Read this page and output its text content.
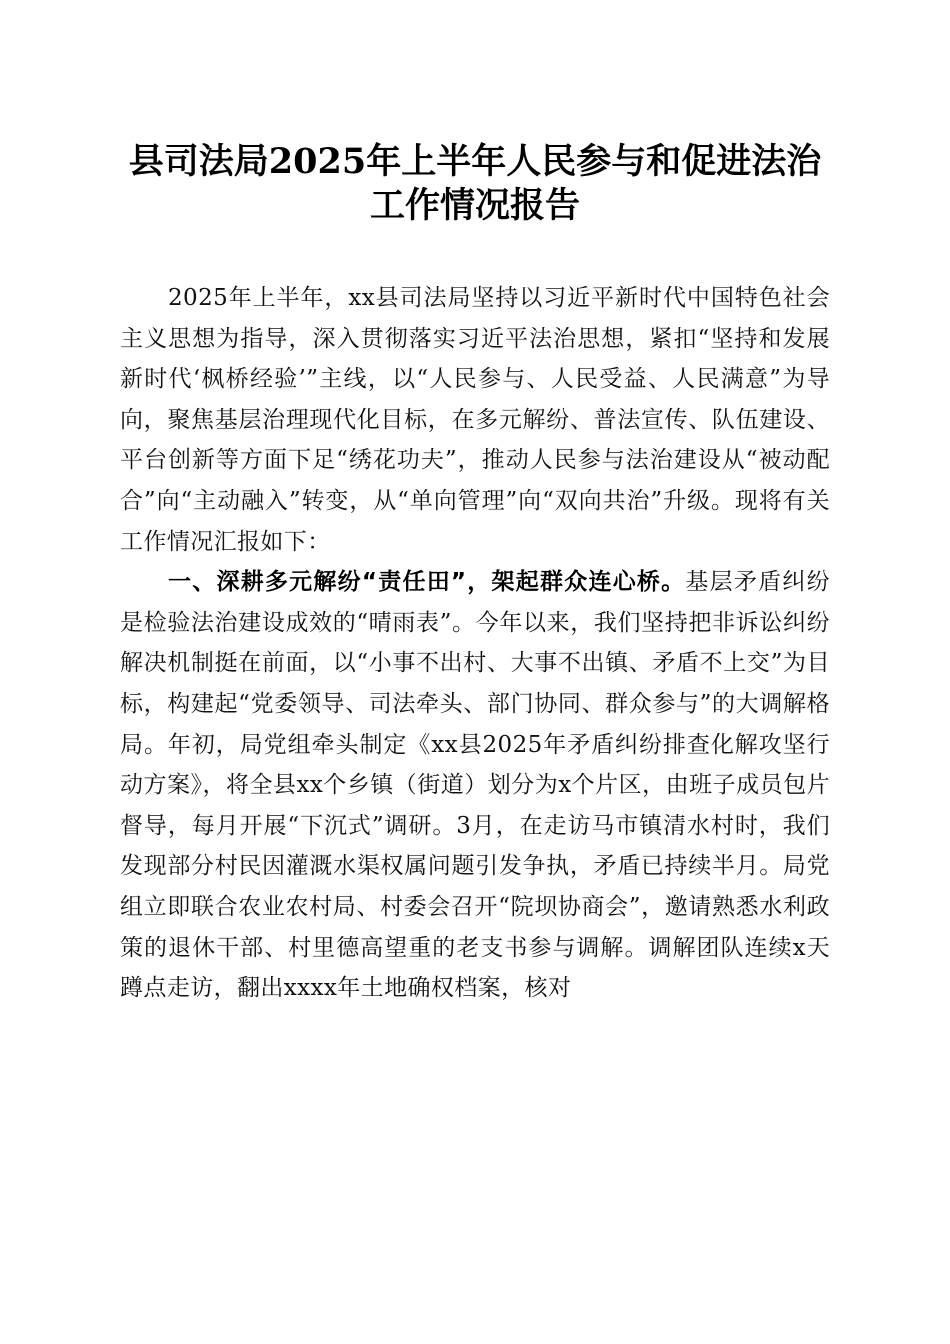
县司法局2025年上半年人民参与和促进法治
工作情况报告

2025年上半年，xx县司法局坚持以习近平新时代中国特色社会主义思想为指导，深入贯彻落实习近平法治思想，紧扣“坚持和发展新时代‘枫桥经验’”主线，以“人民参与、人民受益、人民满意”为导向，聚焦基层治理现代化目标，在多元解纷、普法宣传、队伍建设、平台创新等方面下足“绣花功夫”，推动人民参与法治建设从“被动配合”向“主动融入”转变，从“单向管理”向“双向共治”升级。现将有关工作情况汇报如下：

一、深耕多元解纷“责任田”，架起群众连心桥。基层矛盾纠纷是检验法治建设成效的“晴雨表”。今年以来，我们坚持把非诉讼纠纷解决机制挺在前面，以“小事不出村、大事不出镇、矛盾不上交”为目标，构建起“党委领导、司法牵头、部门协同、群众参与”的大调解格局。年初，局党组牵头制定《xx县2025年矛盾纠纷排查化解攻坚行动方案》，将全县xx个乡镇（街道）划分为x个片区，由班子成员包片督导，每月开展“下沉式”调研。3月，在走访马市镇清水村时，我们发现部分村民因灌溉水渠权属问题引发争执，矛盾已持续半月。局党组立即联合农业农村局、村委会召开“院坝协商会”，邀请熟悉水利政策的退休干部、村里德高望重的老支书参与调解。调解团队连续x天蹲点走访，翻出xxxx年土地确权档案，核对
